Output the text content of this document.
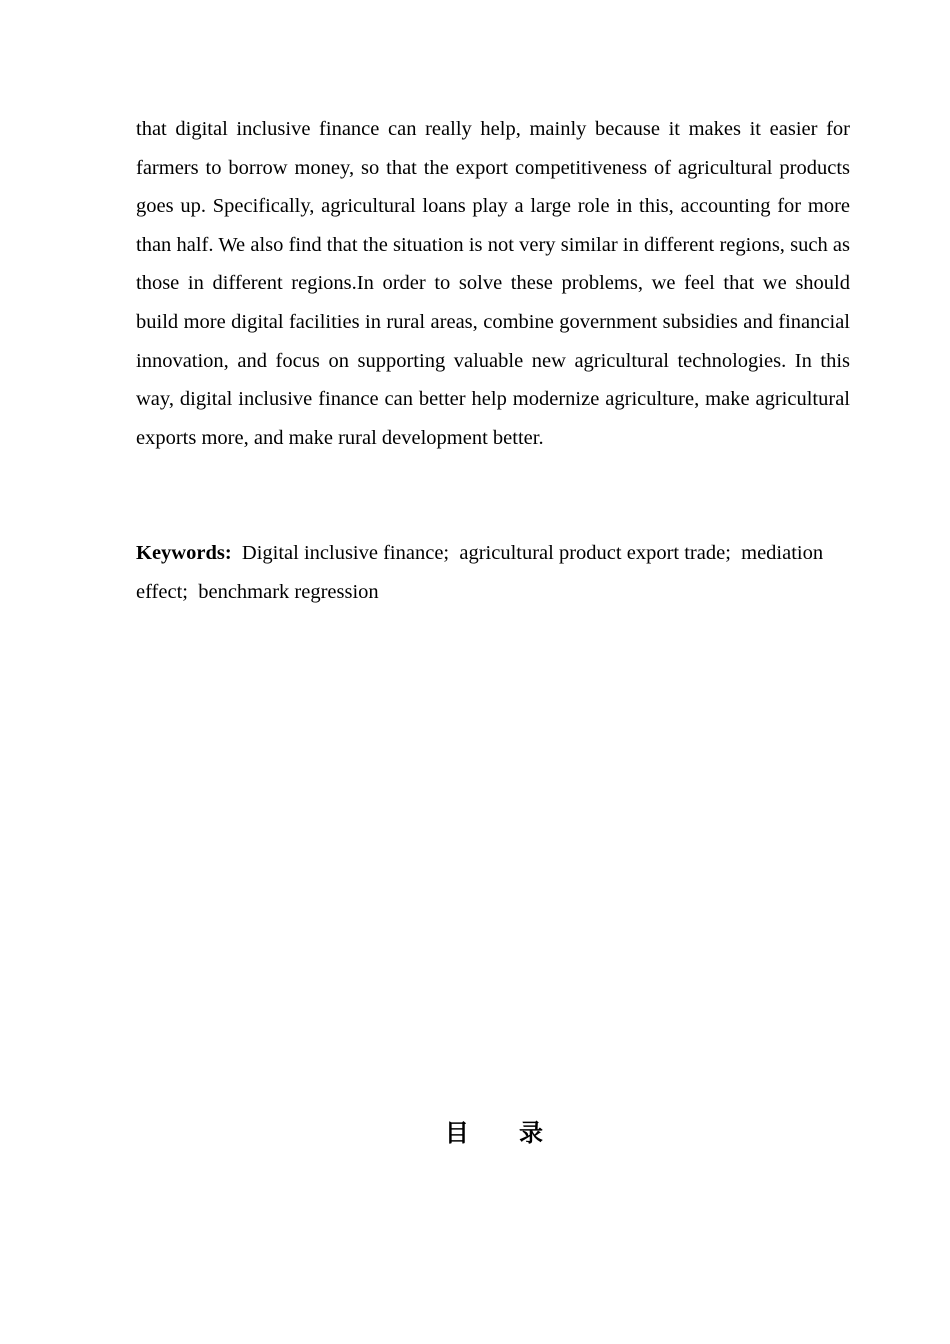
that digital inclusive finance can really help, mainly because it makes it easier for farmers to borrow money, so that the export competitiveness of agricultural products goes up. Specifically, agricultural loans play a large role in this, accounting for more than half. We also find that the situation is not very similar in different regions, such as those in different regions.In order to solve these problems, we feel that we should build more digital facilities in rural areas, combine government subsidies and financial innovation, and focus on supporting valuable new agricultural technologies. In this way, digital inclusive finance can better help modernize agriculture, make agricultural exports more, and make rural development better.

Keywords:  Digital inclusive finance;  agricultural product export trade;  mediation effect;  benchmark regression

目      录
